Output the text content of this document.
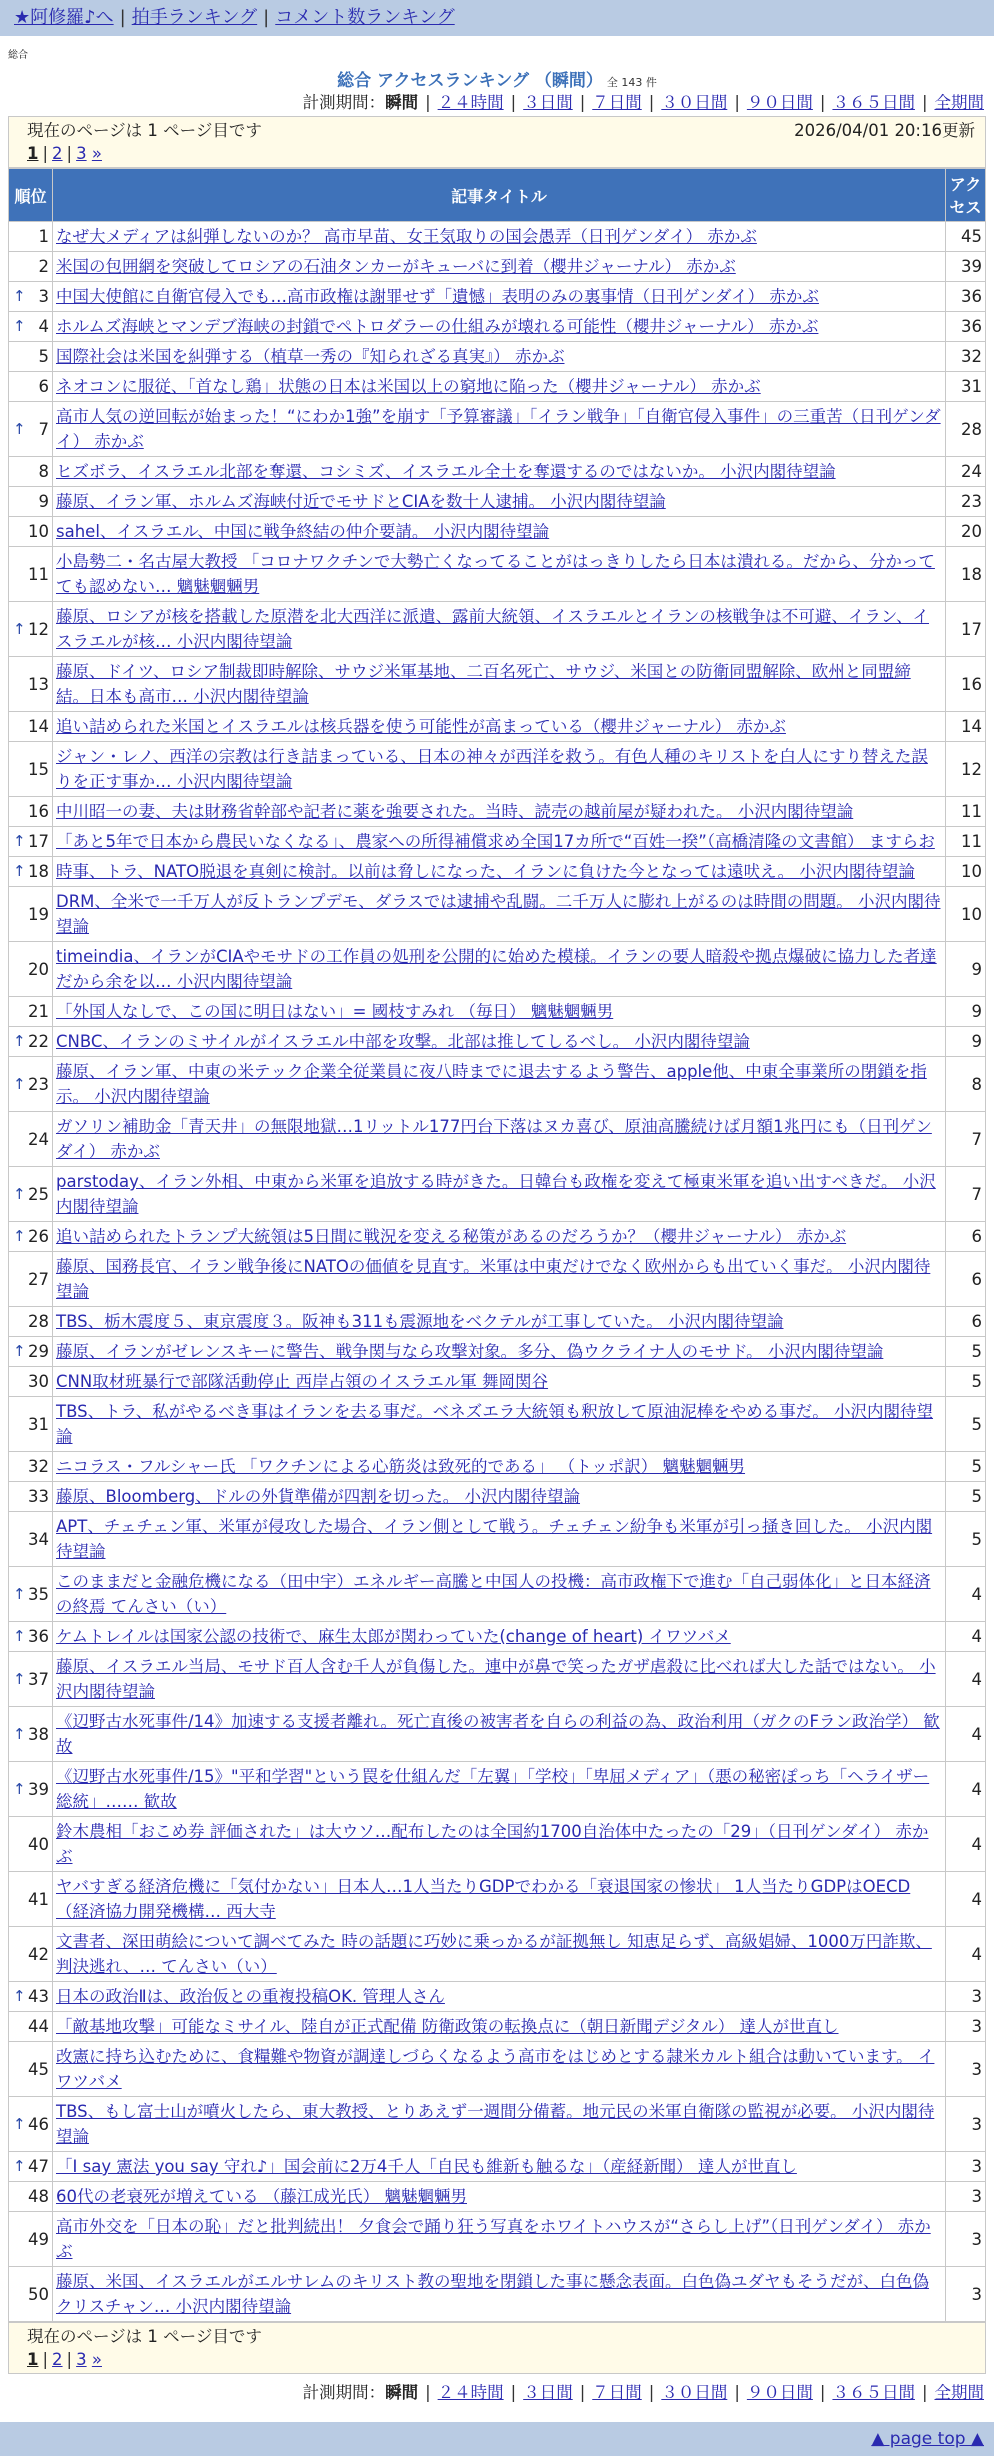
★阿修羅♪へ | 拍手ランキング | コメント数ランキング
総合
総合 アクセスランキング （瞬間） 全 143 件
計測期間：瞬間 | ２４時間 | ３日間 | ７日間 | ３０日間 | ９０日間 | ３６５日間 | 全期間
現在のページは 1 ページ目です	2026/04/01 20:16更新
1 | 2 | 3 »
順位	記事タイトル	アクセス
1	なぜ大メディアは糾弾しないのか？ 高市早苗、女王気取りの国会愚弄（日刊ゲンダイ） 赤かぶ	45
2	米国の包囲網を突破してロシアの石油タンカーがキューバに到着（櫻井ジャーナル） 赤かぶ	39

↑ 3	中国大使館に自衛官侵入でも…高市政権は謝罪せず「遺憾」表明のみの裏事情（日刊ゲンダイ） 赤かぶ	36

↑ 4	ホルムズ海峡とマンデブ海峡の封鎖でペトロダラーの仕組みが壊れる可能性（櫻井ジャーナル） 赤かぶ	36
5	国際社会は米国を糾弾する（植草一秀の『知られざる真実』） 赤かぶ	32
6	ネオコンに服従、「首なし鶏」状態の日本は米国以上の窮地に陥った（櫻井ジャーナル） 赤かぶ	31

↑ 7	高市人気の逆回転が始まった！“にわか1強”を崩す「予算審議」「イラン戦争」「自衛官侵入事件」の三重苦（日刊ゲンダイ） 赤かぶ	28
8	ヒズボラ、イスラエル北部を奪還、コシミズ、イスラエル全土を奪還するのではないか。 小沢内閣待望論	24
9	藤原、イラン軍、ホルムズ海峡付近でモサドとCIAを数十人逮捕。 小沢内閣待望論	23
10	sahel、イスラエル、中国に戦争終結の仲介要請。 小沢内閣待望論	20
11	小島勢二・名古屋大教授 「コロナワクチンで大勢亡くなってることがはっきりしたら日本は潰れる。だから、分かってても認めない… 魑魅魍魎男	18

↑ 12	藤原、ロシアが核を搭載した原潜を北大西洋に派遣、露前大統領、イスラエルとイランの核戦争は不可避、イラン、イスラエルが核… 小沢内閣待望論	17
13	藤原、ドイツ、ロシア制裁即時解除、サウジ米軍基地、二百名死亡、サウジ、米国との防衛同盟解除、欧州と同盟締結。日本も高市… 小沢内閣待望論	16
14	追い詰められた米国とイスラエルは核兵器を使う可能性が高まっている（櫻井ジャーナル） 赤かぶ	14
15	ジャン・レノ、西洋の宗教は行き詰まっている、日本の神々が西洋を救う。有色人種のキリストを白人にすり替えた誤りを正す事か… 小沢内閣待望論	12
16	中川昭一の妻、夫は財務省幹部や記者に薬を強要された。当時、読売の越前屋が疑われた。 小沢内閣待望論	11

↑ 17	「あと5年で日本から農民いなくなる」、農家への所得補償求め全国17カ所で“百姓一揆”（高橋清隆の文書館） ますらお	11

↑ 18	時事、トラ、NATO脱退を真剣に検討。以前は脅しになった、イランに負けた今となっては遠吠え。 小沢内閣待望論	10
19	DRM、全米で一千万人が反トランプデモ、ダラスでは逮捕や乱闘。二千万人に膨れ上がるのは時間の問題。 小沢内閣待望論	10
20	timeindia、イランがCIAやモサドの工作員の処刑を公開的に始めた模様。イランの要人暗殺や拠点爆破に協力した者達だから余を以… 小沢内閣待望論	9
21	「外国人なしで、この国に明日はない」= 國枝すみれ （毎日） 魑魅魍魎男	9

↑ 22	CNBC、イランのミサイルがイスラエル中部を攻撃。北部は推してしるべし。 小沢内閣待望論	9

↑ 23	藤原、イラン軍、中東の米テック企業全従業員に夜八時までに退去するよう警告、apple他、中東全事業所の閉鎖を指示。 小沢内閣待望論	8
24	ガソリン補助金「青天井」の無限地獄…1リットル177円台下落はヌカ喜び、原油高騰続けば月額1兆円にも（日刊ゲンダイ） 赤かぶ	7

↑ 25	parstoday、イラン外相、中東から米軍を追放する時がきた。日韓台も政権を変えて極東米軍を追い出すべきだ。 小沢内閣待望論	7

↑ 26	追い詰められたトランプ大統領は5日間に戦況を変える秘策があるのだろうか？（櫻井ジャーナル） 赤かぶ	6
27	藤原、国務長官、イラン戦争後にNATOの価値を見直す。米軍は中東だけでなく欧州からも出ていく事だ。 小沢内閣待望論	6
28	TBS、栃木震度５、東京震度３。阪神も311も震源地をベクテルが工事していた。 小沢内閣待望論	6

↑ 29	藤原、イランがゼレンスキーに警告、戦争関与なら攻撃対象。多分、偽ウクライナ人のモサド。 小沢内閣待望論	5
30	CNN取材班暴行で部隊活動停止 西岸占領のイスラエル軍 舞岡関谷	5
31	TBS、トラ、私がやるべき事はイランを去る事だ。ベネズエラ大統領も釈放して原油泥棒をやめる事だ。 小沢内閣待望論	5
32	ニコラス・フルシャー氏 「ワクチンによる心筋炎は致死的である」 （トッポ訳） 魑魅魍魎男	5
33	藤原、Bloomberg、ドルの外貨準備が四割を切った。 小沢内閣待望論	5
34	APT、チェチェン軍、米軍が侵攻した場合、イラン側として戦う。チェチェン紛争も米軍が引っ掻き回した。 小沢内閣待望論	5

↑ 35	このままだと金融危機になる（田中宇）エネルギー高騰と中国人の投機：高市政権下で進む「自己弱体化」と日本経済の終焉 てんさい（い）	4

↑ 36	ケムトレイルは国家公認の技術で、麻生太郎が関わっていた(change of heart) イワツバメ	4

↑ 37	藤原、イスラエル当局、モサド百人含む千人が負傷した。連中が鼻で笑ったガザ虐殺に比べれば大した話ではない。 小沢内閣待望論	4

↑ 38	《辺野古水死事件/14》加速する支援者離れ。死亡直後の被害者を自らの利益の為、政治利用（ガクのFラン政治学） 歓故	4

↑ 39	《辺野古水死事件/15》"平和学習"という罠を仕組んだ「左翼」「学校」「卑屈メディア」（悪の秘密ぽっち「ヘライザー総統」…… 歓故	4
40	鈴木農相「おこめ券 評価された」は大ウソ…配布したのは全国約1700自治体中たったの「29」（日刊ゲンダイ） 赤かぶ	4
41	ヤバすぎる経済危機に「気付かない」日本人…1人当たりGDPでわかる「衰退国家の惨状」 1人当たりGDPはOECD（経済協力開発機構… 西大寺	4
42	文書者、深田萌絵について調べてみた 時の話題に巧妙に乗っかるが証拠無し 知恵足らず、高級娼婦、1000万円詐欺、判決逃れ、… てんさい（い）	4

↑ 43	日本の政治Ⅱは、政治仮との重複投稿OK. 管理人さん	3
44	「敵基地攻撃」可能なミサイル、陸自が正式配備 防衛政策の転換点に（朝日新聞デジタル） 達人が世直し	3
45	改憲に持ち込むために、食糧難や物資が調達しづらくなるよう高市をはじめとする隷米カルト組合は動いています。 イワツバメ	3

↑ 46	TBS、もし富士山が噴火したら、東大教授、とりあえず一週間分備蓄。地元民の米軍自衛隊の監視が必要。 小沢内閣待望論	3

↑ 47	「I say 憲法 you say 守れ♪」国会前に2万4千人「自民も維新も触るな」（産経新聞） 達人が世直し	3
48	60代の老衰死が増えている （藤江成光氏） 魑魅魍魎男	3
49	高市外交を「日本の恥」だと批判続出！ 夕食会で踊り狂う写真をホワイトハウスが“さらし上げ”（日刊ゲンダイ） 赤かぶ	3
50	藤原、米国、イスラエルがエルサレムのキリスト教の聖地を閉鎖した事に懸念表面。白色偽ユダヤもそうだが、白色偽クリスチャン… 小沢内閣待望論	3
現在のページは 1 ページ目です
1 | 2 | 3 »
計測期間：瞬間 | ２４時間 | ３日間 | ７日間 | ３０日間 | ９０日間 | ３６５日間 | 全期間
▲ page top ▲
